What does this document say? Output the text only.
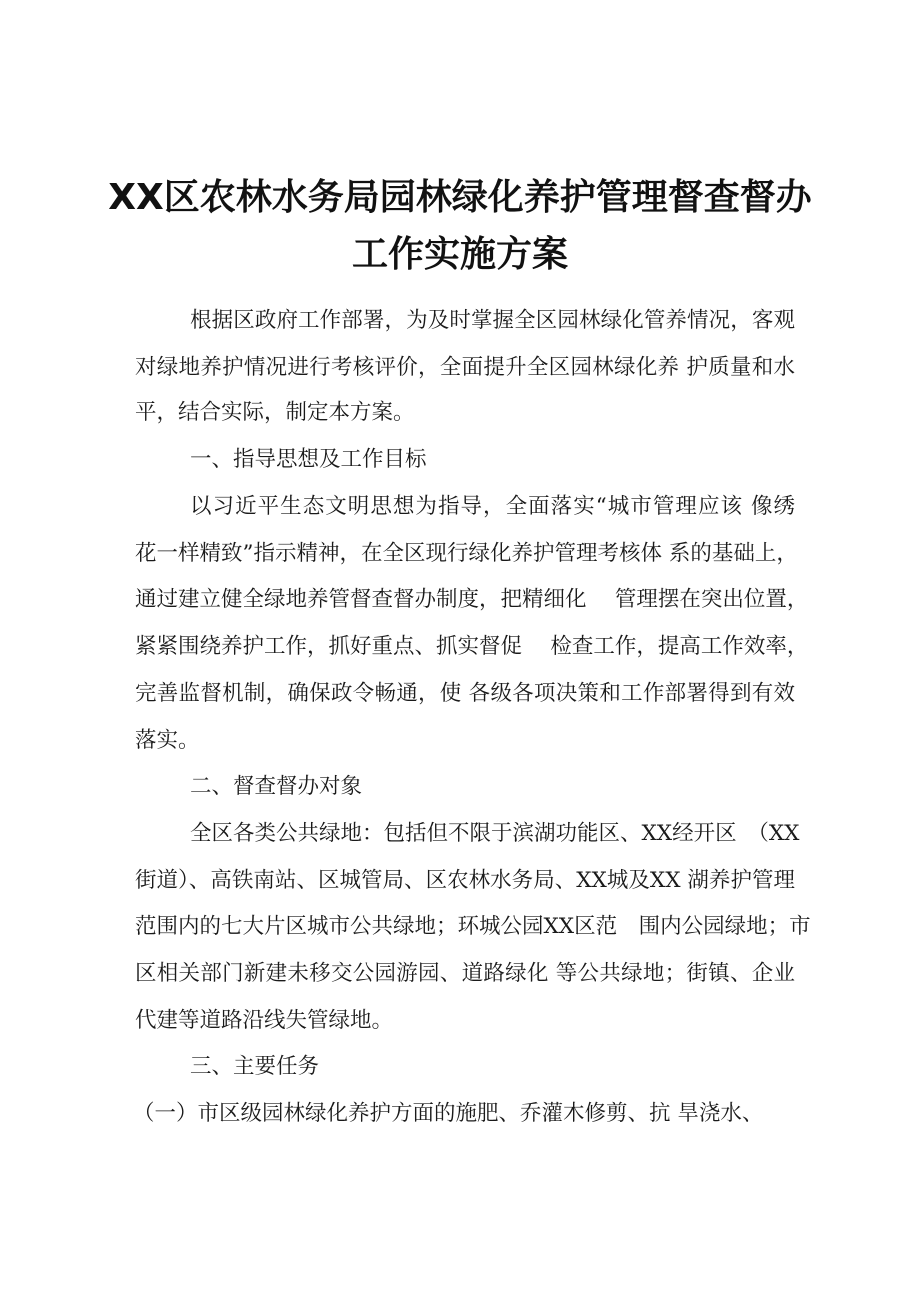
XX区农林水务局园林绿化养护管理督查督办
工作实施方案
根据区政府工作部署，为及时掌握全区园林绿化管养情况，客观
对绿地养护情况进行考核评价，全面提升全区园林绿化养 护质量和水
平，结合实际，制定本方案。
一、指导思想及工作目标
以习近平生态文明思想为指导，全面落实“城市管理应该 像绣
花一样精致”指示精神，在全区现行绿化养护管理考核体 系的基础上，
通过建立健全绿地养管督查督办制度，把精细化　 管理摆在突出位置，
紧紧围绕养护工作，抓好重点、抓实督促　 检查工作，提高工作效率，
完善监督机制，确保政令畅通，使 各级各项决策和工作部署得到有效
落实。
二、督查督办对象
全区各类公共绿地：包括但不限于滨湖功能区、XX经开区　（XX
街道）、高铁南站、区城管局、区农林水务局、XX城及XX 湖养护管理
范围内的七大片区城市公共绿地；环城公园XX区范　围内公园绿地；市
区相关部门新建未移交公园游园、道路绿化 等公共绿地；街镇、企业
代建等道路沿线失管绿地。
三、主要任务
（一）市区级园林绿化养护方面的施肥、乔灌木修剪、抗 旱浇水、
